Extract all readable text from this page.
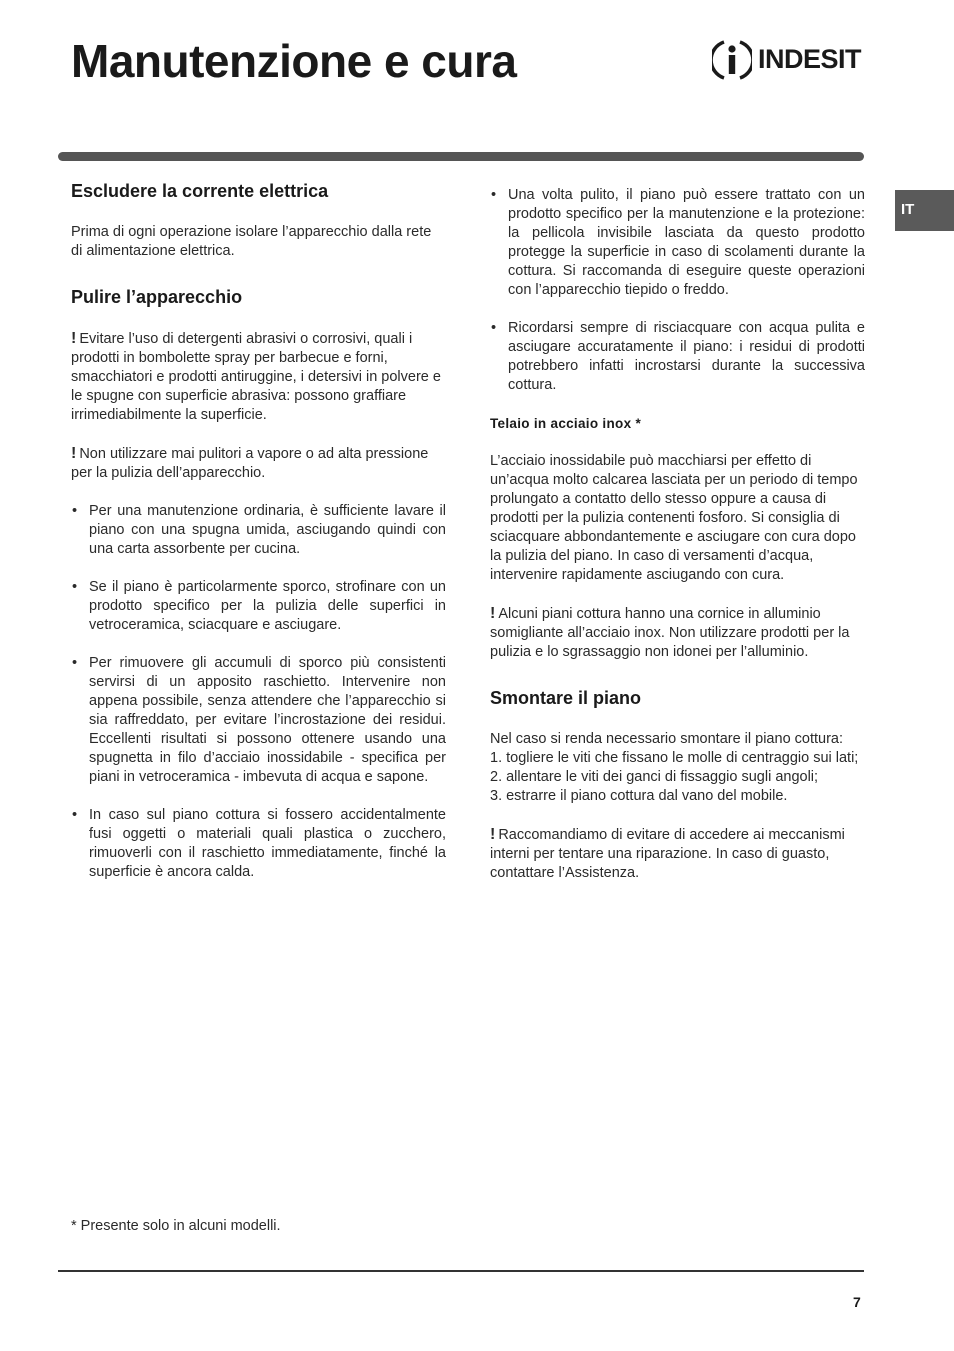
Manutenzione e cura	INDESIT
IT
Escludere la corrente elettrica

Prima di ogni operazione isolare l’apparecchio dalla rete di alimentazione elettrica.

Pulire l’apparecchio

! Evitare l’uso di detergenti abrasivi o corrosivi, quali i prodotti in bombolette spray per barbecue e forni, smacchiatori e prodotti antiruggine, i detersivi in polvere e le spugne con superficie abrasiva: possono graffiare irrimediabilmente la superficie.

! Non utilizzare mai pulitori a vapore o ad alta pressione per la pulizia dell’apparecchio.

• Per una manutenzione ordinaria, è sufficiente lavare il piano con una spugna umida, asciugando quindi con una carta assorbente per cucina.
• Se il piano è particolarmente sporco, strofinare con un prodotto specifico per la pulizia delle superfici in vetroceramica, sciacquare e asciugare.
• Per rimuovere gli accumuli di sporco più consistenti servirsi di un apposito raschietto. Intervenire non appena possibile, senza attendere che l’apparecchio si sia raffreddato, per evitare l’incrostazione dei residui. Eccellenti risultati si possono ottenere usando una spugnetta in filo d’acciaio inossidabile - specifica per piani in vetroceramica - imbevuta di acqua e sapone.
• In caso sul piano cottura si fossero accidentalmente fusi oggetti o materiali quali plastica o zucchero, rimuoverli con il raschietto immediatamente, finché la superficie è ancora calda.
• Una volta pulito, il piano può essere trattato con un prodotto specifico per la manutenzione e la protezione: la pellicola invisibile lasciata da questo prodotto protegge la superficie in caso di scolamenti durante la cottura. Si raccomanda di eseguire queste operazioni con l’apparecchio tiepido o freddo.
• Ricordarsi sempre di risciacquare con acqua pulita e asciugare accuratamente il piano: i residui di prodotti potrebbero infatti incrostarsi durante la successiva cottura.
Telaio in acciaio inox *

L’acciaio inossidabile può macchiarsi per effetto di un’acqua molto calcarea lasciata per un periodo di tempo prolungato a contatto dello stesso oppure a causa di prodotti per la pulizia contenenti fosforo. Si consiglia di sciacquare abbondantemente e asciugare con cura dopo la pulizia del piano. In caso di versamenti d’acqua, intervenire rapidamente asciugando con cura.

! Alcuni piani cottura hanno una cornice in alluminio somigliante all’acciaio inox. Non utilizzare prodotti per la pulizia e lo sgrassaggio non idonei per l’alluminio.

Smontare il piano

Nel caso si renda necessario smontare il piano cottura:
1. togliere le viti che fissano le molle di centraggio sui lati;
2. allentare le viti dei ganci di fissaggio sugli angoli;
3. estrarre il piano cottura dal vano del mobile.

! Raccomandiamo di evitare di accedere ai meccanismi interni per tentare una riparazione. In caso di guasto, contattare l’Assistenza.

* Presente solo in alcuni modelli.
7
